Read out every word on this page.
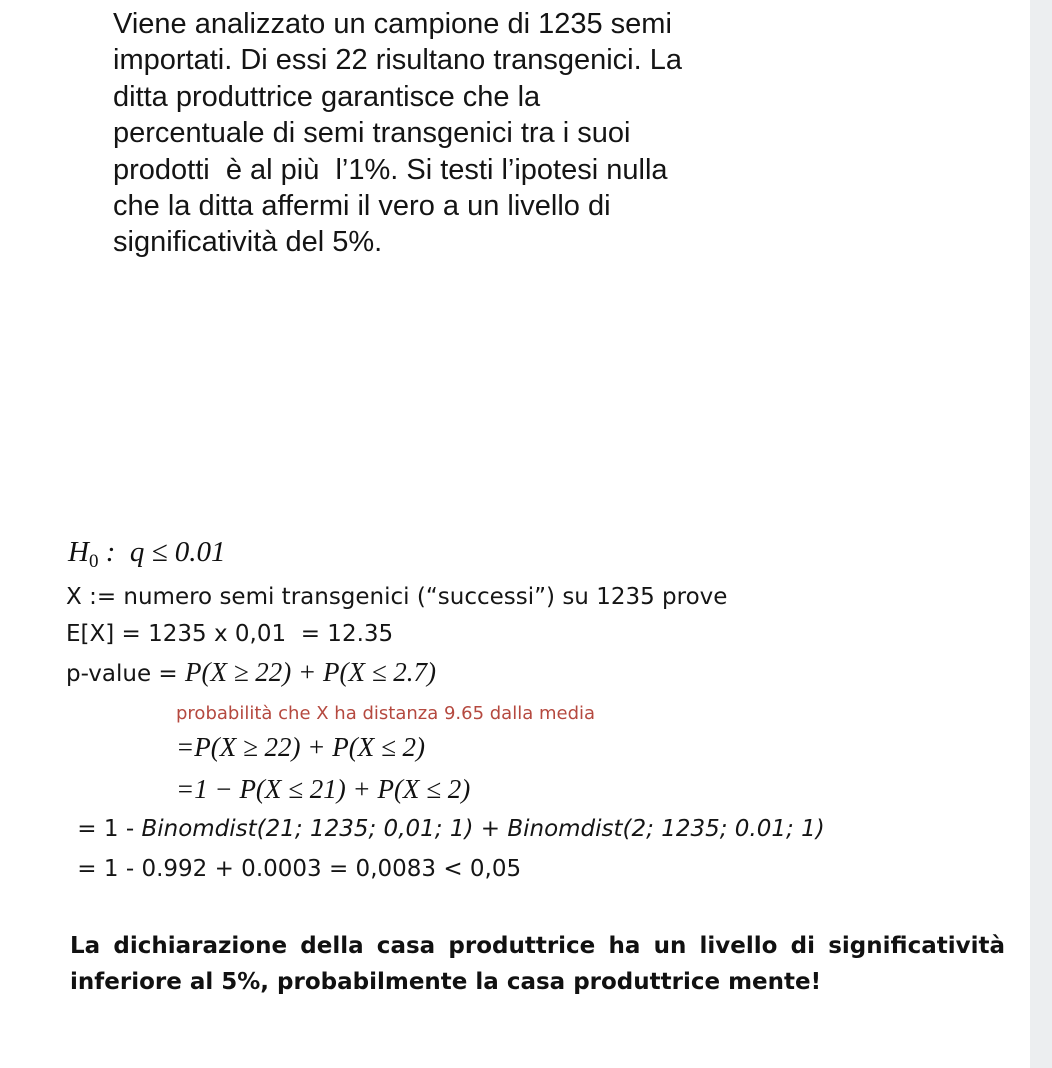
Viene analizzato un campione di 1235 semi
importati. Di essi 22 risultano transgenici. La
ditta produttrice garantisce che la
percentuale di semi transgenici tra i suoi
prodotti  è al più  l’1%. Si testi l’ipotesi nulla
che la ditta affermi il vero a un livello di
significatività del 5%.
$H_0$ :  q ≤ 0.01
X := numero semi transgenici (“successi”) su 1235 prove
E[X] = 1235 x 0,01  = 12.35
p-value = P(X ≥ 22) + P(X ≤ 2.7)
probabilità che X ha distanza 9.65 dalla media
=P(X ≥ 22) + P(X ≤ 2)
=1 − P(X ≤ 21) + P(X ≤ 2)
= 1 - Binomdist(21; 1235; 0,01; 1) + Binomdist(2; 1235; 0.01; 1)
= 1 - 0.992 + 0.0003 = 0,0083 < 0,05
La dichiarazione della casa produttrice ha un livello di significatività
inferiore al 5%, probabilmente la casa produttrice mente!
